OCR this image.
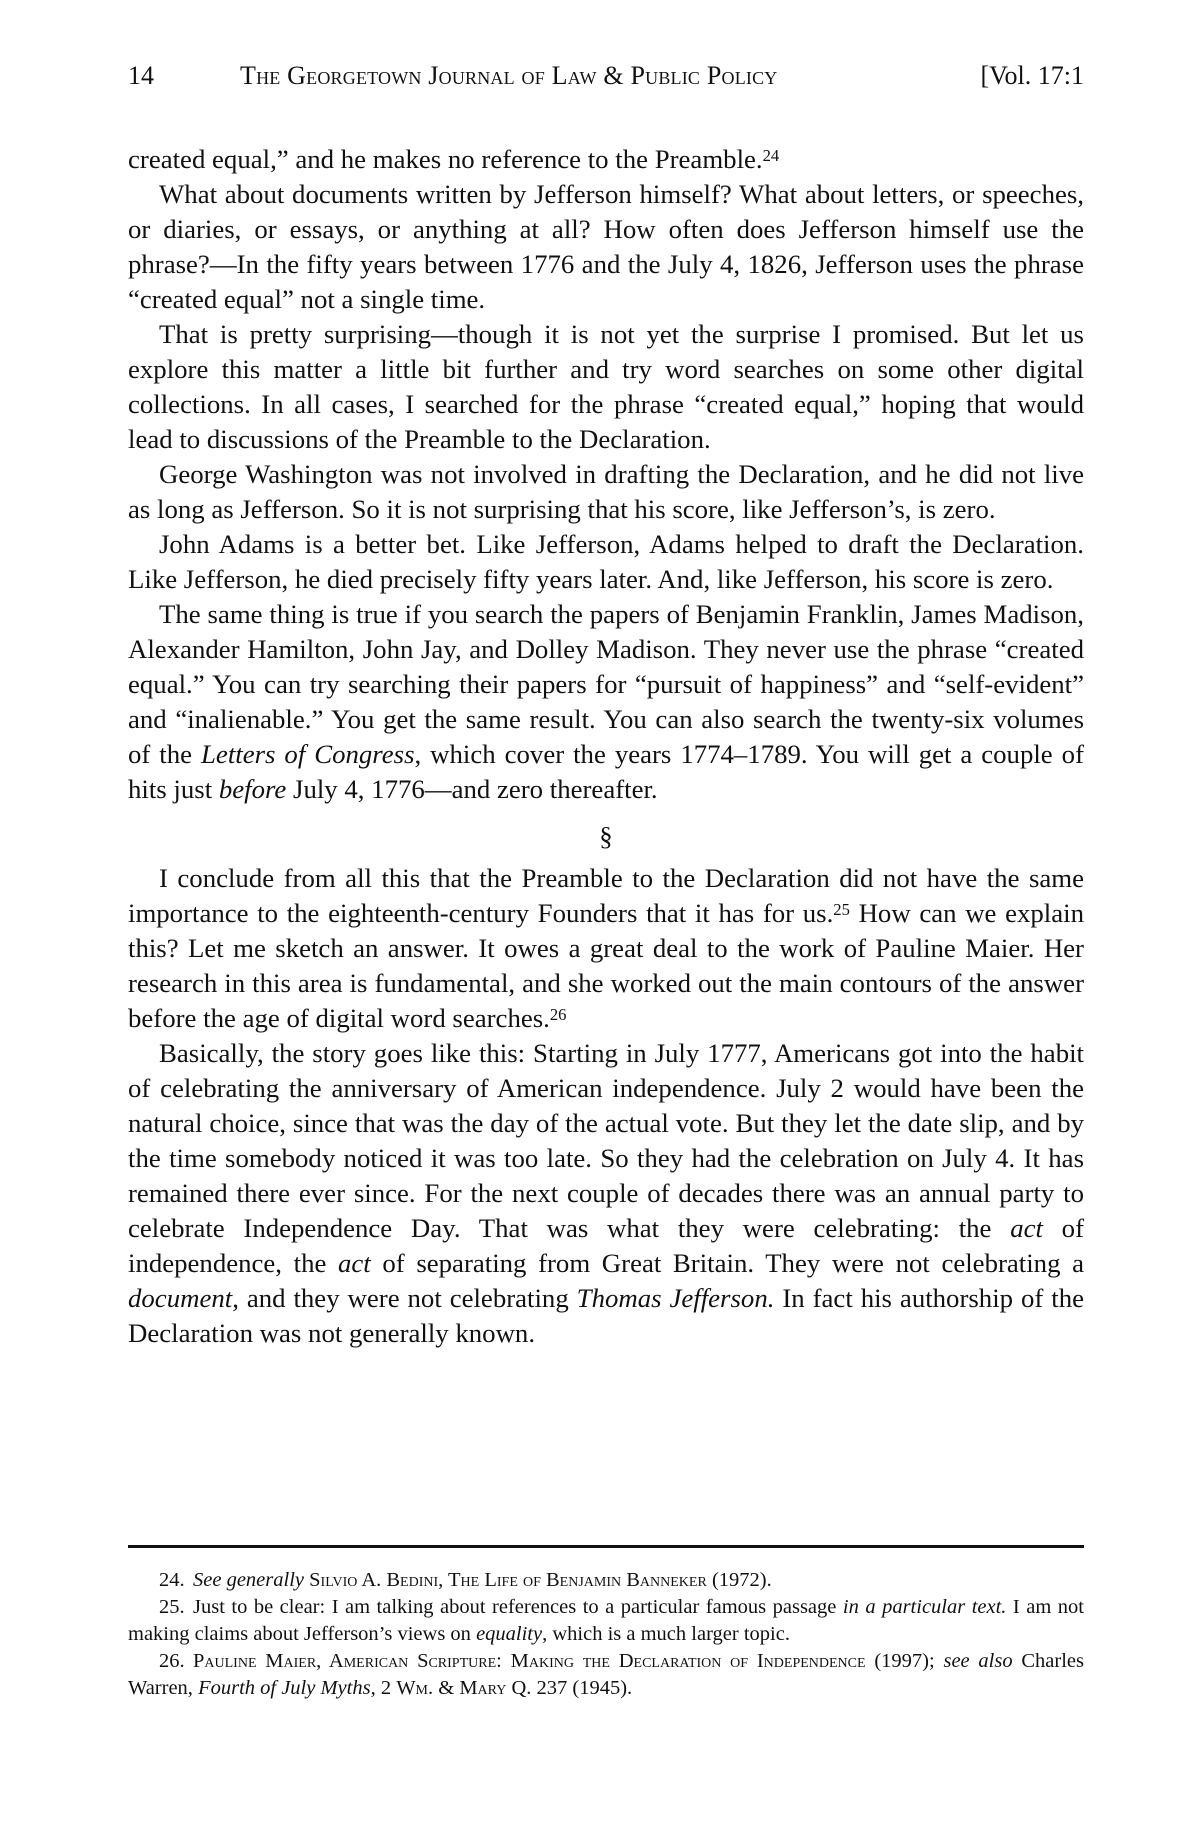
14	The Georgetown Journal of Law & Public Policy	[Vol. 17:1

created equal,” and he makes no reference to the Preamble.$^{24}$

What about documents written by Jefferson himself? What about letters, or speeches, or diaries, or essays, or anything at all? How often does Jefferson himself use the phrase?—In the fifty years between 1776 and the July 4, 1826, Jefferson uses the phrase “created equal” not a single time.

That is pretty surprising—though it is not yet the surprise I promised. But let us explore this matter a little bit further and try word searches on some other digital collections. In all cases, I searched for the phrase “created equal,” hoping that would lead to discussions of the Preamble to the Declaration.

George Washington was not involved in drafting the Declaration, and he did not live as long as Jefferson. So it is not surprising that his score, like Jefferson’s, is zero.

John Adams is a better bet. Like Jefferson, Adams helped to draft the Declaration. Like Jefferson, he died precisely fifty years later. And, like Jefferson, his score is zero.

The same thing is true if you search the papers of Benjamin Franklin, James Madison, Alexander Hamilton, John Jay, and Dolley Madison. They never use the phrase “created equal.” You can try searching their papers for “pursuit of happiness” and “self-evident” and “inalienable.” You get the same result. You can also search the twenty-six volumes of the Letters of Congress, which cover the years 1774–1789. You will get a couple of hits just before July 4, 1776—and zero thereafter.

§

I conclude from all this that the Preamble to the Declaration did not have the same importance to the eighteenth-century Founders that it has for us.$^{25}$ How can we explain this? Let me sketch an answer. It owes a great deal to the work of Pauline Maier. Her research in this area is fundamental, and she worked out the main contours of the answer before the age of digital word searches.$^{26}$

Basically, the story goes like this: Starting in July 1777, Americans got into the habit of celebrating the anniversary of American independence. July 2 would have been the natural choice, since that was the day of the actual vote. But they let the date slip, and by the time somebody noticed it was too late. So they had the celebration on July 4. It has remained there ever since. For the next couple of decades there was an annual party to celebrate Independence Day. That was what they were celebrating: the act of independence, the act of separating from Great Britain. They were not celebrating a document, and they were not celebrating Thomas Jefferson. In fact his authorship of the Declaration was not generally known.

24. See generally Silvio A. Bedini, The Life of Benjamin Banneker (1972).

25. Just to be clear: I am talking about references to a particular famous passage in a particular text. I am not making claims about Jefferson’s views on equality, which is a much larger topic.

26. Pauline Maier, American Scripture: Making the Declaration of Independence (1997); see also Charles Warren, Fourth of July Myths, 2 Wm. & Mary Q. 237 (1945).
